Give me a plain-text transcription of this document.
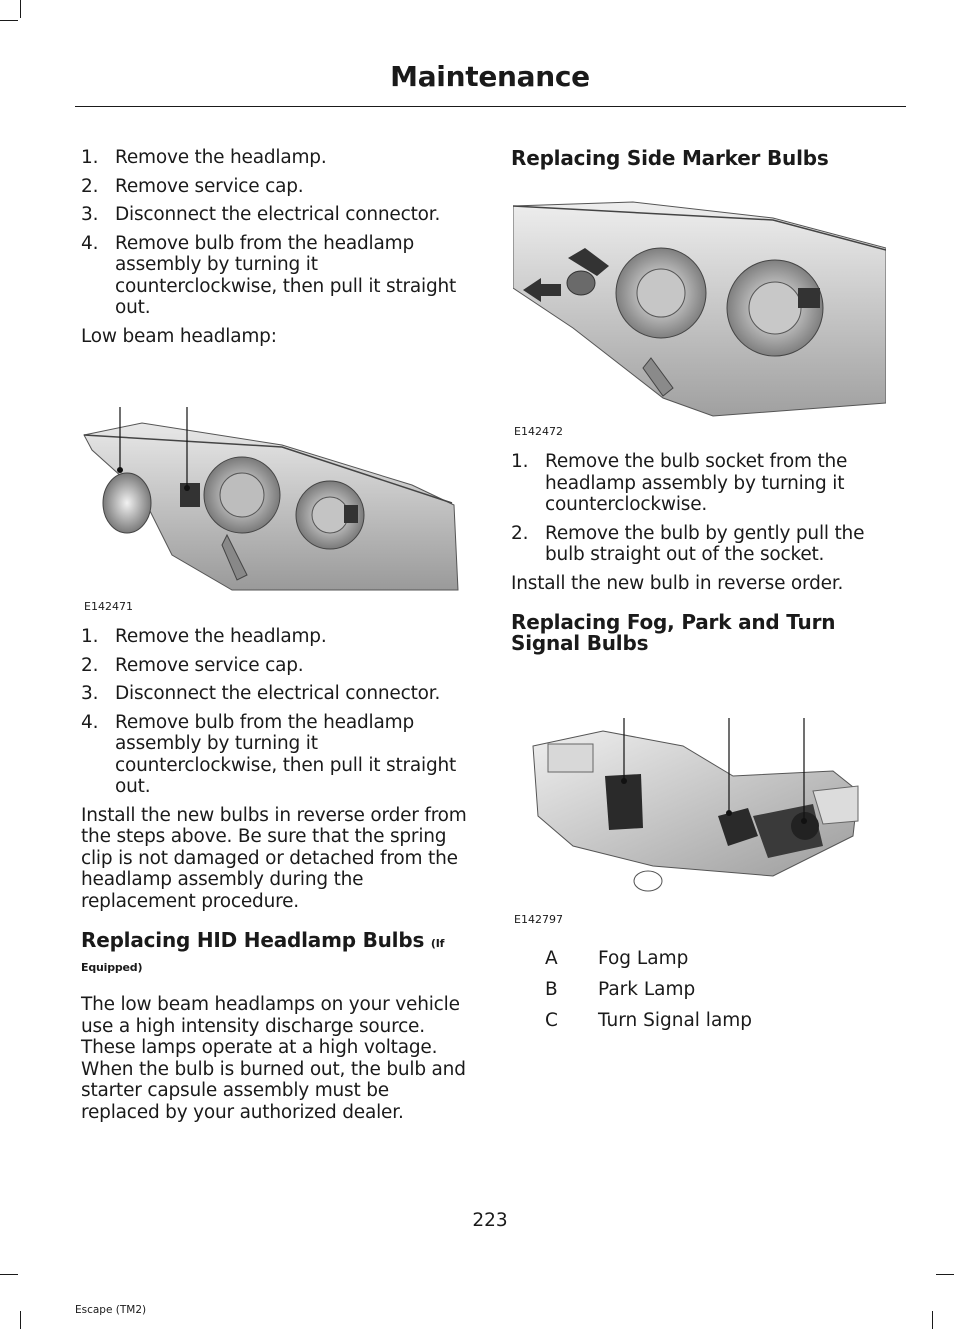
Maintenance
1. Remove the headlamp.
2. Remove service cap.
3. Disconnect the electrical connector.
4. Remove bulb from the headlamp assembly by turning it counterclockwise, then pull it straight out.

Low beam headlamp:

E142471
1. Remove the headlamp.
2. Remove service cap.
3. Disconnect the electrical connector.
4. Remove bulb from the headlamp assembly by turning it counterclockwise, then pull it straight out.

Install the new bulbs in reverse order from the steps above. Be sure that the spring clip is not damaged or detached from the headlamp assembly during the replacement procedure.

Replacing HID Headlamp Bulbs (If
Equipped)

The low beam headlamps on your vehicle use a high intensity discharge source. These lamps operate at a high voltage. When the bulb is burned out, the bulb and starter capsule assembly must be replaced by your authorized dealer.

Replacing Side Marker Bulbs
E142472
1. Remove the bulb socket from the headlamp assembly by turning it counterclockwise.
2. Remove the bulb by gently pull the bulb straight out of the socket.

Install the new bulb in reverse order.

Replacing Fog, Park and Turn Signal Bulbs
E142797
A Fog Lamp
B Park Lamp
C Turn Signal lamp
223
Escape (TM2)
